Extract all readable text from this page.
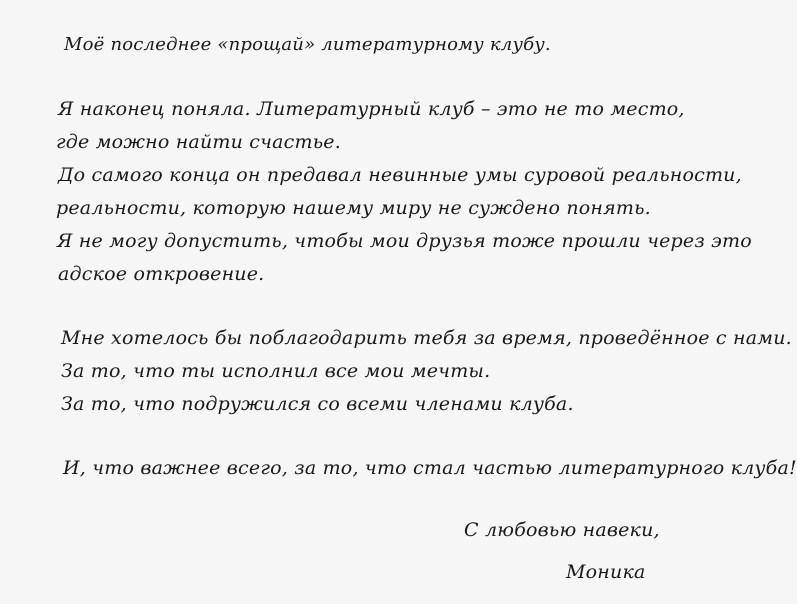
Моё последнее «прощай» литературному клубу.
Я наконец поняла. Литературный клуб – это не то место,
где можно найти счастье.
До самого конца он предавал невинные умы суровой реальности,
реальности, которую нашему миру не суждено понять.
Я не могу допустить, чтобы мои друзья тоже прошли через это
адское откровение.
Мне хотелось бы поблагодарить тебя за время, проведённое с нами.
За то, что ты исполнил все мои мечты.
За то, что подружился со всеми членами клуба.
И, что важнее всего, за то, что стал частью литературного клуба!
С любовью навеки,
Моника
